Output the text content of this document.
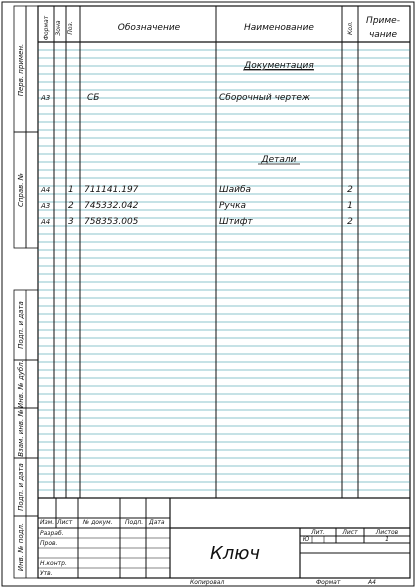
Перв. примен.
Справ. №
Подп. и дата
Инв. № дубл.
Взам. инв. №
Подп. и дата
Инв. № подл.
Формат Зона Поз.	Обозначение	Наименование	Кол.
Приме-
чание
Документация
Детали
А3	СБ	Сборочный чертеж
А4 1 711141.197	Шайба	2
А3 2 745332.042	Ручка	1
А4 3 758353.005	Штифт	2
Изм. Лист № докум. Подп. Дата
Разраб.
Пров.
Н.контр.
Утв.
Ключ
Лит.	Лист	Листов
Ю	1
Копировал	Формат	А4
